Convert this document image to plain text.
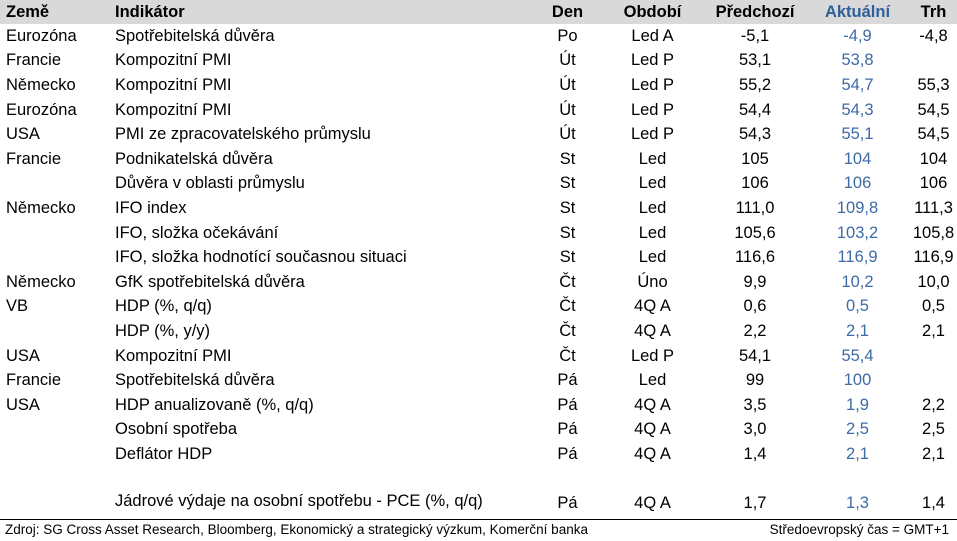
Země	Indikátor	Den	Období	Předchozí	Aktuální	Trh
Eurozóna	Spotřebitelská důvěra	Po	Led A	-5,1	-4,9	-4,8
Francie	Kompozitní PMI	Út	Led P	53,1	53,8	
Německo	Kompozitní PMI	Út	Led P	55,2	54,7	55,3
Eurozóna	Kompozitní PMI	Út	Led P	54,4	54,3	54,5
USA	PMI ze zpracovatelského průmyslu	Út	Led P	54,3	55,1	54,5
Francie	Podnikatelská důvěra	St	Led	105	104	104
	Důvěra v oblasti průmyslu	St	Led	106	106	106
Německo	IFO index	St	Led	111,0	109,8	111,3
	IFO, složka očekávání	St	Led	105,6	103,2	105,8
	IFO, složka hodnotící současnou situaci	St	Led	116,6	116,9	116,9
Německo	GfK spotřebitelská důvěra	Čt	Úno	9,9	10,2	10,0
VB	HDP (%, q/q)	Čt	4Q A	0,6	0,5	0,5
	HDP (%, y/y)	Čt	4Q A	2,2	2,1	2,1
USA	Kompozitní PMI	Čt	Led P	54,1	55,4	
Francie	Spotřebitelská důvěra	Pá	Led	99	100	
USA	HDP anualizovaně (%, q/q)	Pá	4Q A	3,5	1,9	2,2
	Osobní spotřeba	Pá	4Q A	3,0	2,5	2,5
	Deflátor HDP	Pá	4Q A	1,4	2,1	2,1
	Jádrové výdaje na osobní spotřebu - PCE (%, q/q)	Pá	4Q A	1,7	1,3	1,4
Zdroj: SG Cross Asset Research, Bloomberg, Ekonomický a strategický výzkum, Komerční banka	Středoevropský čas = GMT+1
